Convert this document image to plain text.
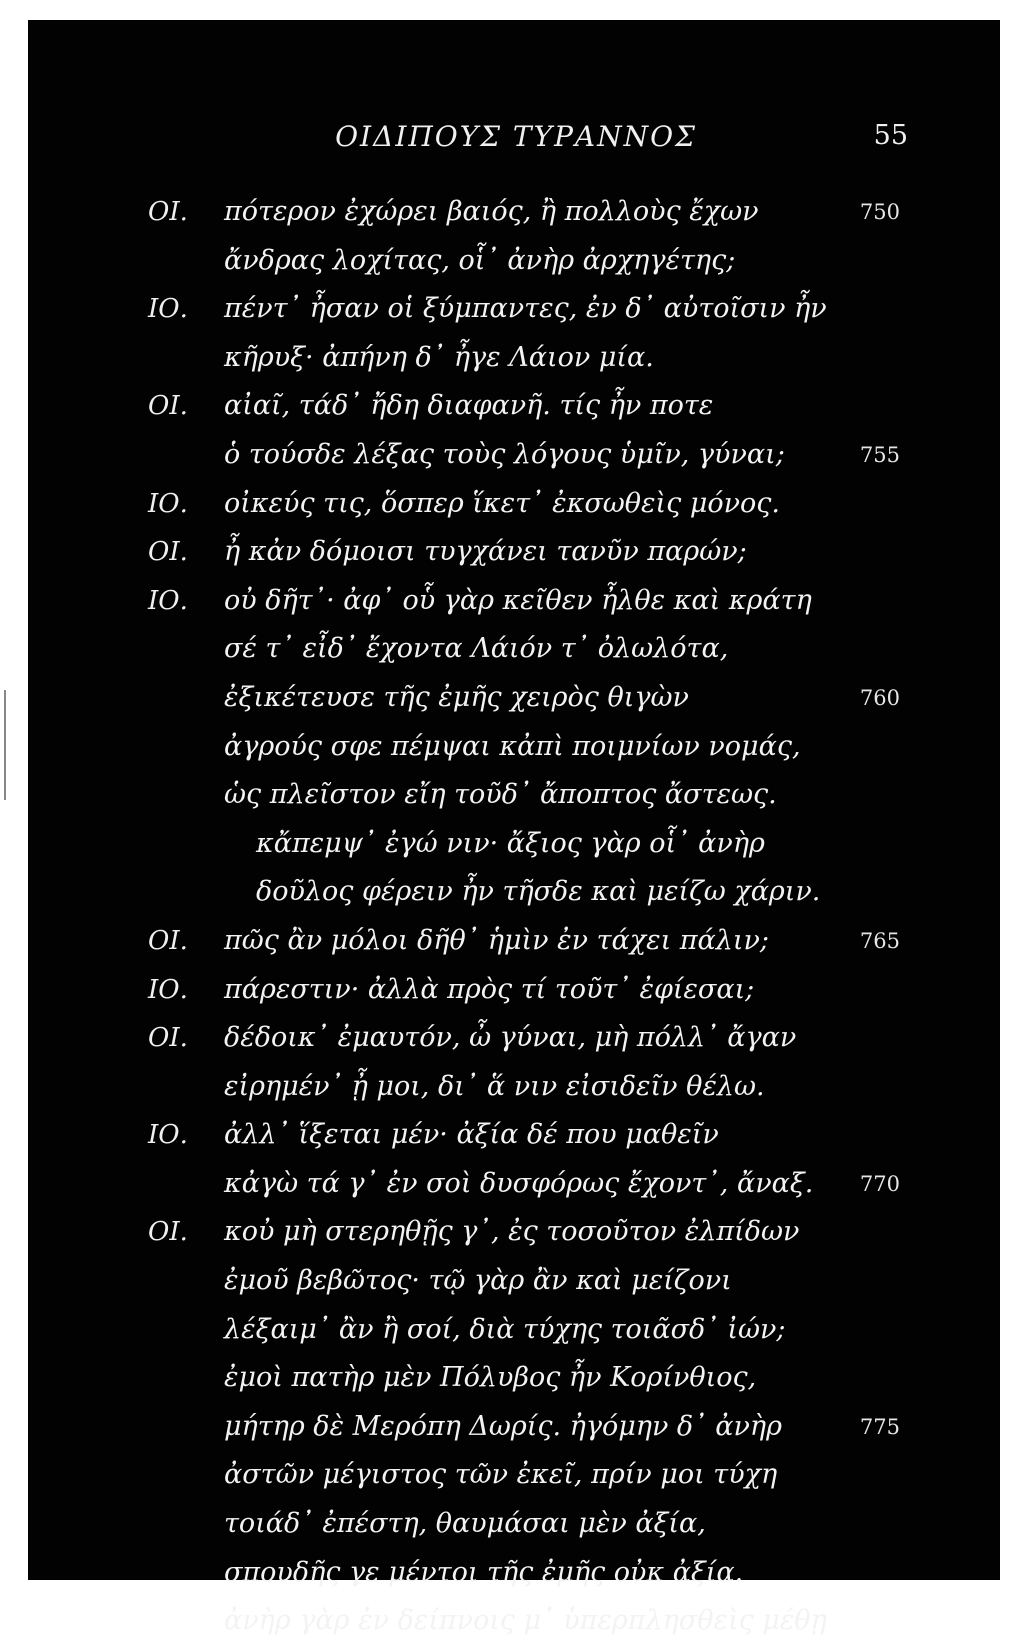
ΟΙΔΙΠΟΥΣ ΤΥΡΑΝΝΟΣ	55
ΟΙ. πότερον ἐχώρει βαιός, ἢ πολλοὺς ἔχων	750
ἄνδρας λοχίτας, οἷ᾽ ἀνὴρ ἀρχηγέτης;
ΙΟ. πέντ᾽ ἦσαν οἱ ξύμπαντες, ἐν δ᾽ αὐτοῖσιν ἦν
κῆρυξ· ἀπήνη δ᾽ ἦγε Λάιον μία.
ΟΙ. αἰαῖ, τάδ᾽ ἤδη διαφανῆ. τίς ἦν ποτε
ὁ τούσδε λέξας τοὺς λόγους ὑμῖν, γύναι;	755
ΙΟ. οἰκεύς τις, ὅσπερ ἵκετ᾽ ἐκσωθεὶς μόνος.
ΟΙ. ἦ κἀν δόμοισι τυγχάνει τανῦν παρών;
ΙΟ. οὐ δῆτ᾽· ἀφ᾽ οὗ γὰρ κεῖθεν ἦλθε καὶ κράτη
σέ τ᾽ εἶδ᾽ ἔχοντα Λάιόν τ᾽ ὀλωλότα,
ἐξικέτευσε τῆς ἐμῆς χειρὸς θιγὼν	760
ἀγρούς σφε πέμψαι κἀπὶ ποιμνίων νομάς,
ὡς πλεῖστον εἴη τοῦδ᾽ ἄποπτος ἄστεως.
κἄπεμψ᾽ ἐγώ νιν· ἄξιος γὰρ οἷ᾽ ἀνὴρ
δοῦλος φέρειν ἦν τῆσδε καὶ μείζω χάριν.
ΟΙ. πῶς ἂν μόλοι δῆθ᾽ ἡμὶν ἐν τάχει πάλιν;	765
ΙΟ. πάρεστιν· ἀλλὰ πρὸς τί τοῦτ᾽ ἐφίεσαι;
ΟΙ. δέδοικ᾽ ἐμαυτόν, ὦ γύναι, μὴ πόλλ᾽ ἄγαν
εἰρημέν᾽ ᾖ μοι, δι᾽ ἅ νιν εἰσιδεῖν θέλω.
ΙΟ. ἀλλ᾽ ἵξεται μέν· ἀξία δέ που μαθεῖν
κἀγὼ τά γ᾽ ἐν σοὶ δυσφόρως ἔχοντ᾽, ἄναξ. 770
ΟΙ. κοὐ μὴ στερηθῇς γ᾽, ἐς τοσοῦτον ἐλπίδων
ἐμοῦ βεβῶτος· τῷ γὰρ ἂν καὶ μείζονι
λέξαιμ᾽ ἂν ἢ σοί, διὰ τύχης τοιᾶσδ᾽ ἰών;
ἐμοὶ πατὴρ μὲν Πόλυβος ἦν Κορίνθιος,
μήτηρ δὲ Μερόπη Δωρίς. ἠγόμην δ᾽ ἀνὴρ	775
ἀστῶν μέγιστος τῶν ἐκεῖ, πρίν μοι τύχη
τοιάδ᾽ ἐπέστη, θαυμάσαι μὲν ἀξία,
σπουδῆς γε μέντοι τῆς ἐμῆς οὐκ ἀξία.
ἀνὴρ γὰρ ἐν δείπνοις μ᾽ ὑπερπλησθεὶς μέθῃ
